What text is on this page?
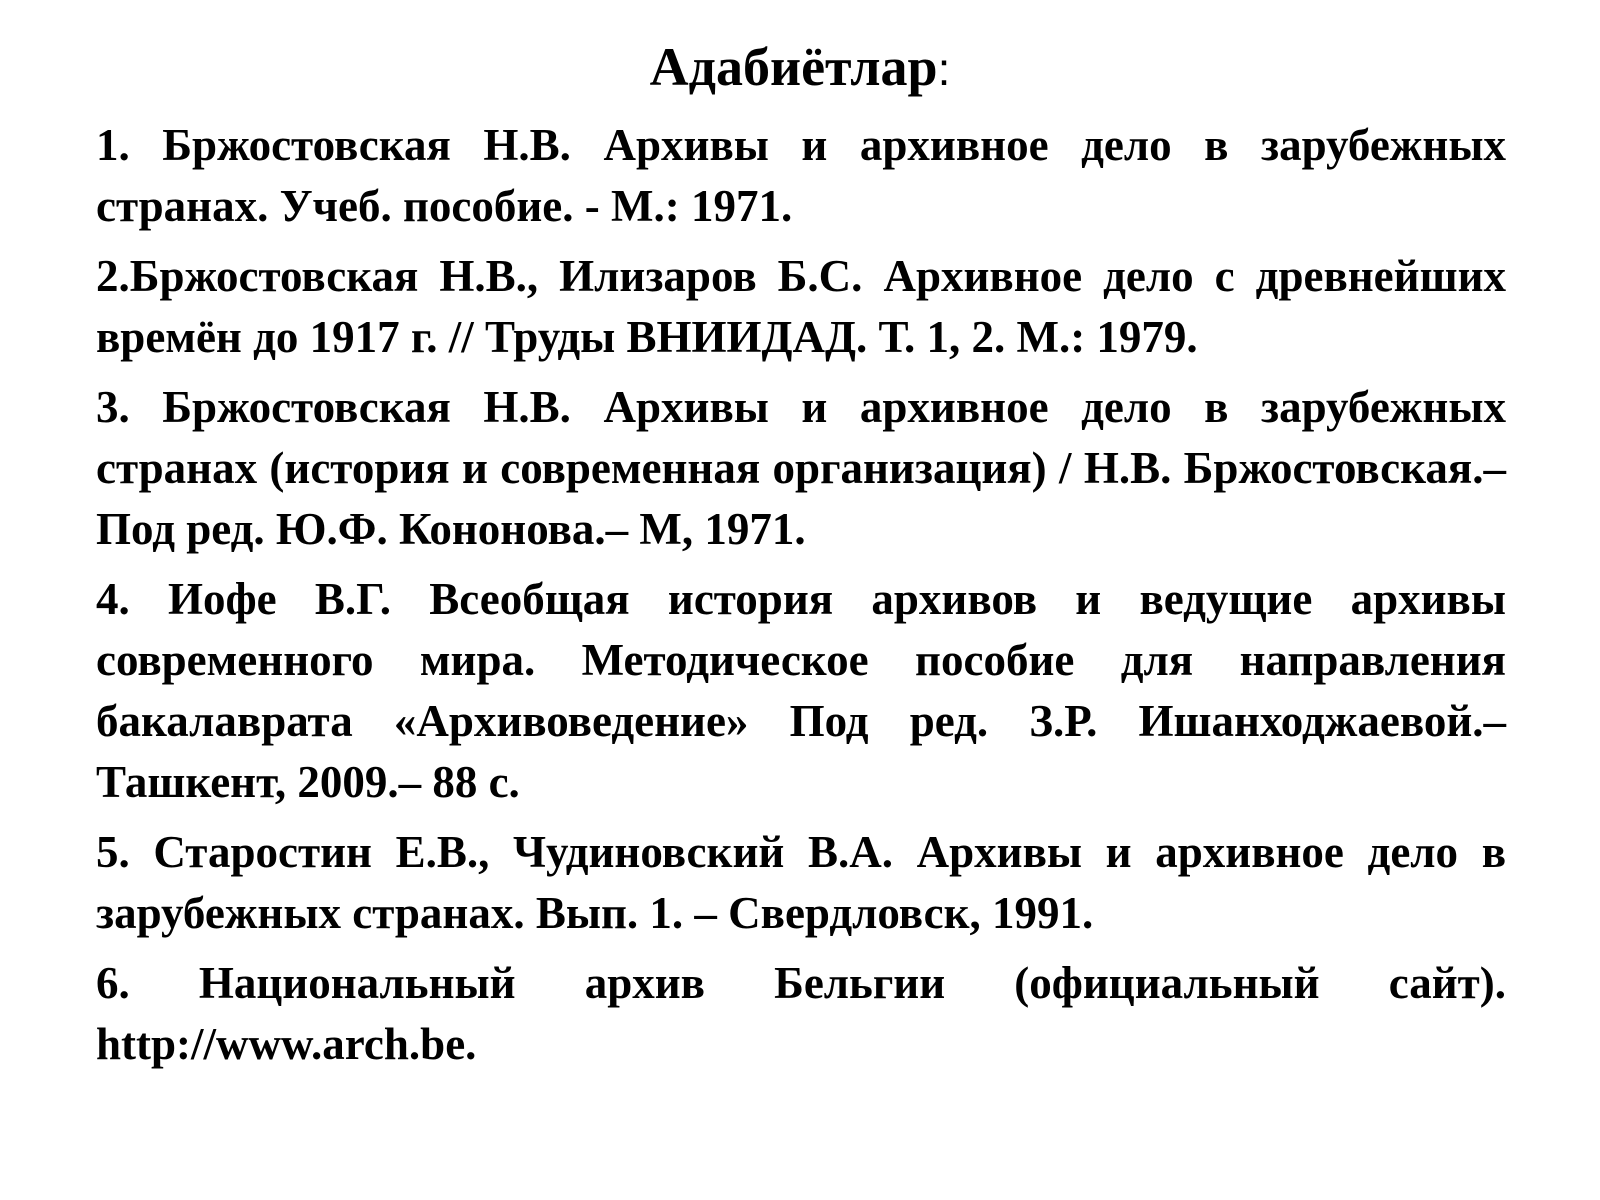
Адабиётлар:
1. Бржостовская Н.В. Архивы и архивное дело в зарубежных странах. Учеб. пособие. - М.: 1971.
2.Бржостовская Н.В., Илизаров Б.С. Архивное дело с древнейших времён до 1917 г. // Труды ВНИИДАД. Т. 1, 2. М.: 1979.
3. Бржостовская Н.В. Архивы и архивное дело в зарубежных странах (история и современная организация) / Н.В. Бржостовская.– Под ред. Ю.Ф. Кононова.– М, 1971.
4. Иофе В.Г. Всеобщая история архивов и ведущие архивы современного мира. Методическое пособие для направления бакалаврата «Архивоведение» Под ред. З.Р. Ишанходжаевой.– Ташкент, 2009.– 88 с.
5. Старостин Е.В., Чудиновский В.А. Архивы и архивное дело в зарубежных странах. Вып. 1. – Свердловск, 1991.
6. Национальный архив Бельгии (официальный сайт). http://www.arch.be.
